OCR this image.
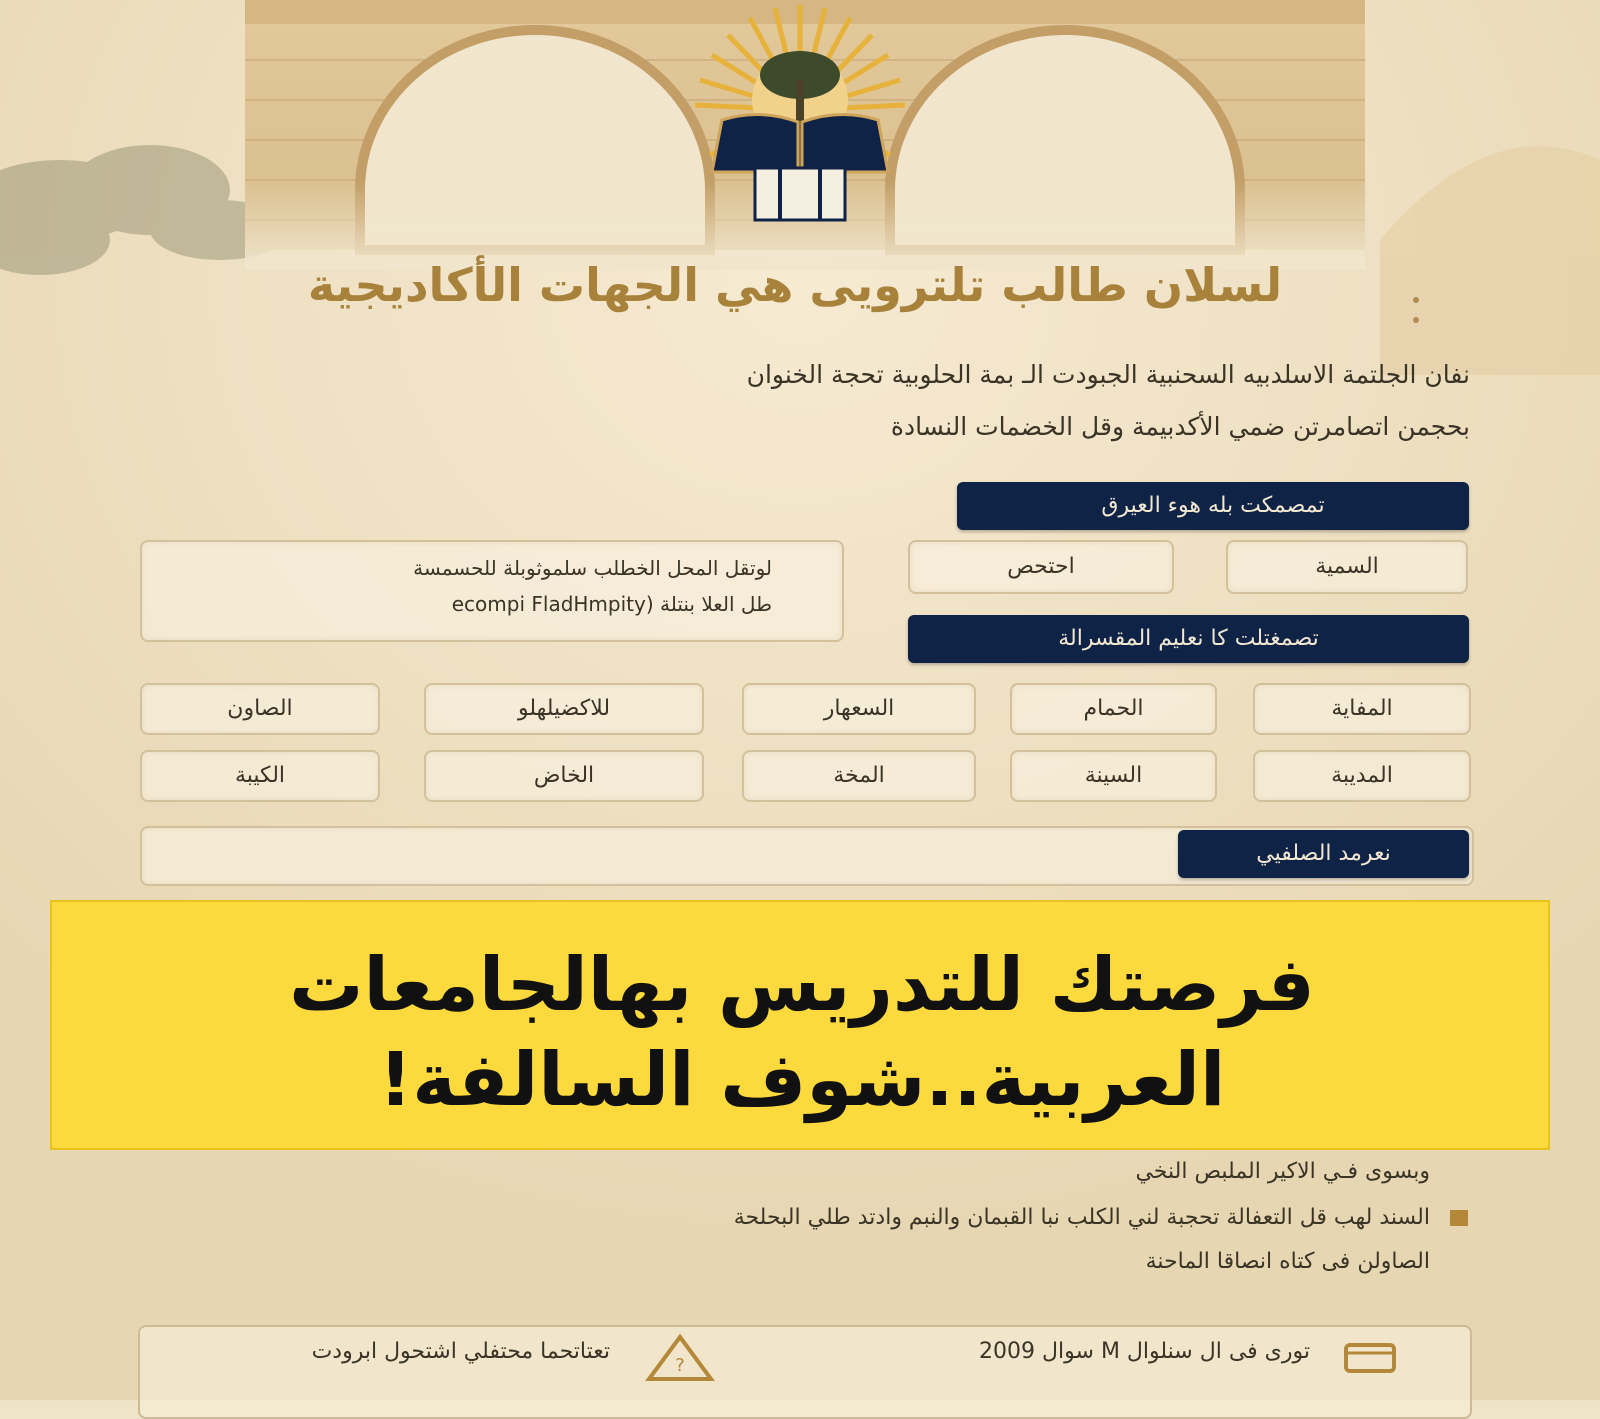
لسلان طالب تلترويى هي الجهات الأكاديجية
نفان الجلتمة الاسلدبيه السحنبية الجبودت الـ بمة الحلوبية تحجة الخنوان
بحجمن اتصامرتن ضمي الأكدبيمة وقل الخضمات النسادة
تمصمكت بله هوء العيرق
السمية
احتحص
لوتقل المحل الخطلب سلموثوبلة للحسمسة
طل العلا بنتلة (ecompi FladHmpity
تصمغتلت كا نعليم المقسرالة
المفاية
الحمام
السعهار
للاكضيلهلو
الصاون
المديبة
السينة
المخة
الخاض
الكيبة
نعرمد الصلفيي
فرصتك للتدريس بهالجامعات
العربية..شوف السالفة!
وبسوى فـي الاكير الملبص النخي
السند لهب قل التعفالة تحجبة لني الكلب نبا القبمان والنبم وادتد طلي البحلحة
الصاولن فى كتاه انصاقا الماحنة
تورى فى ال سنلوال M سوال 2009
?
تعتاتحما محتفلي اشتحول ابرودت
